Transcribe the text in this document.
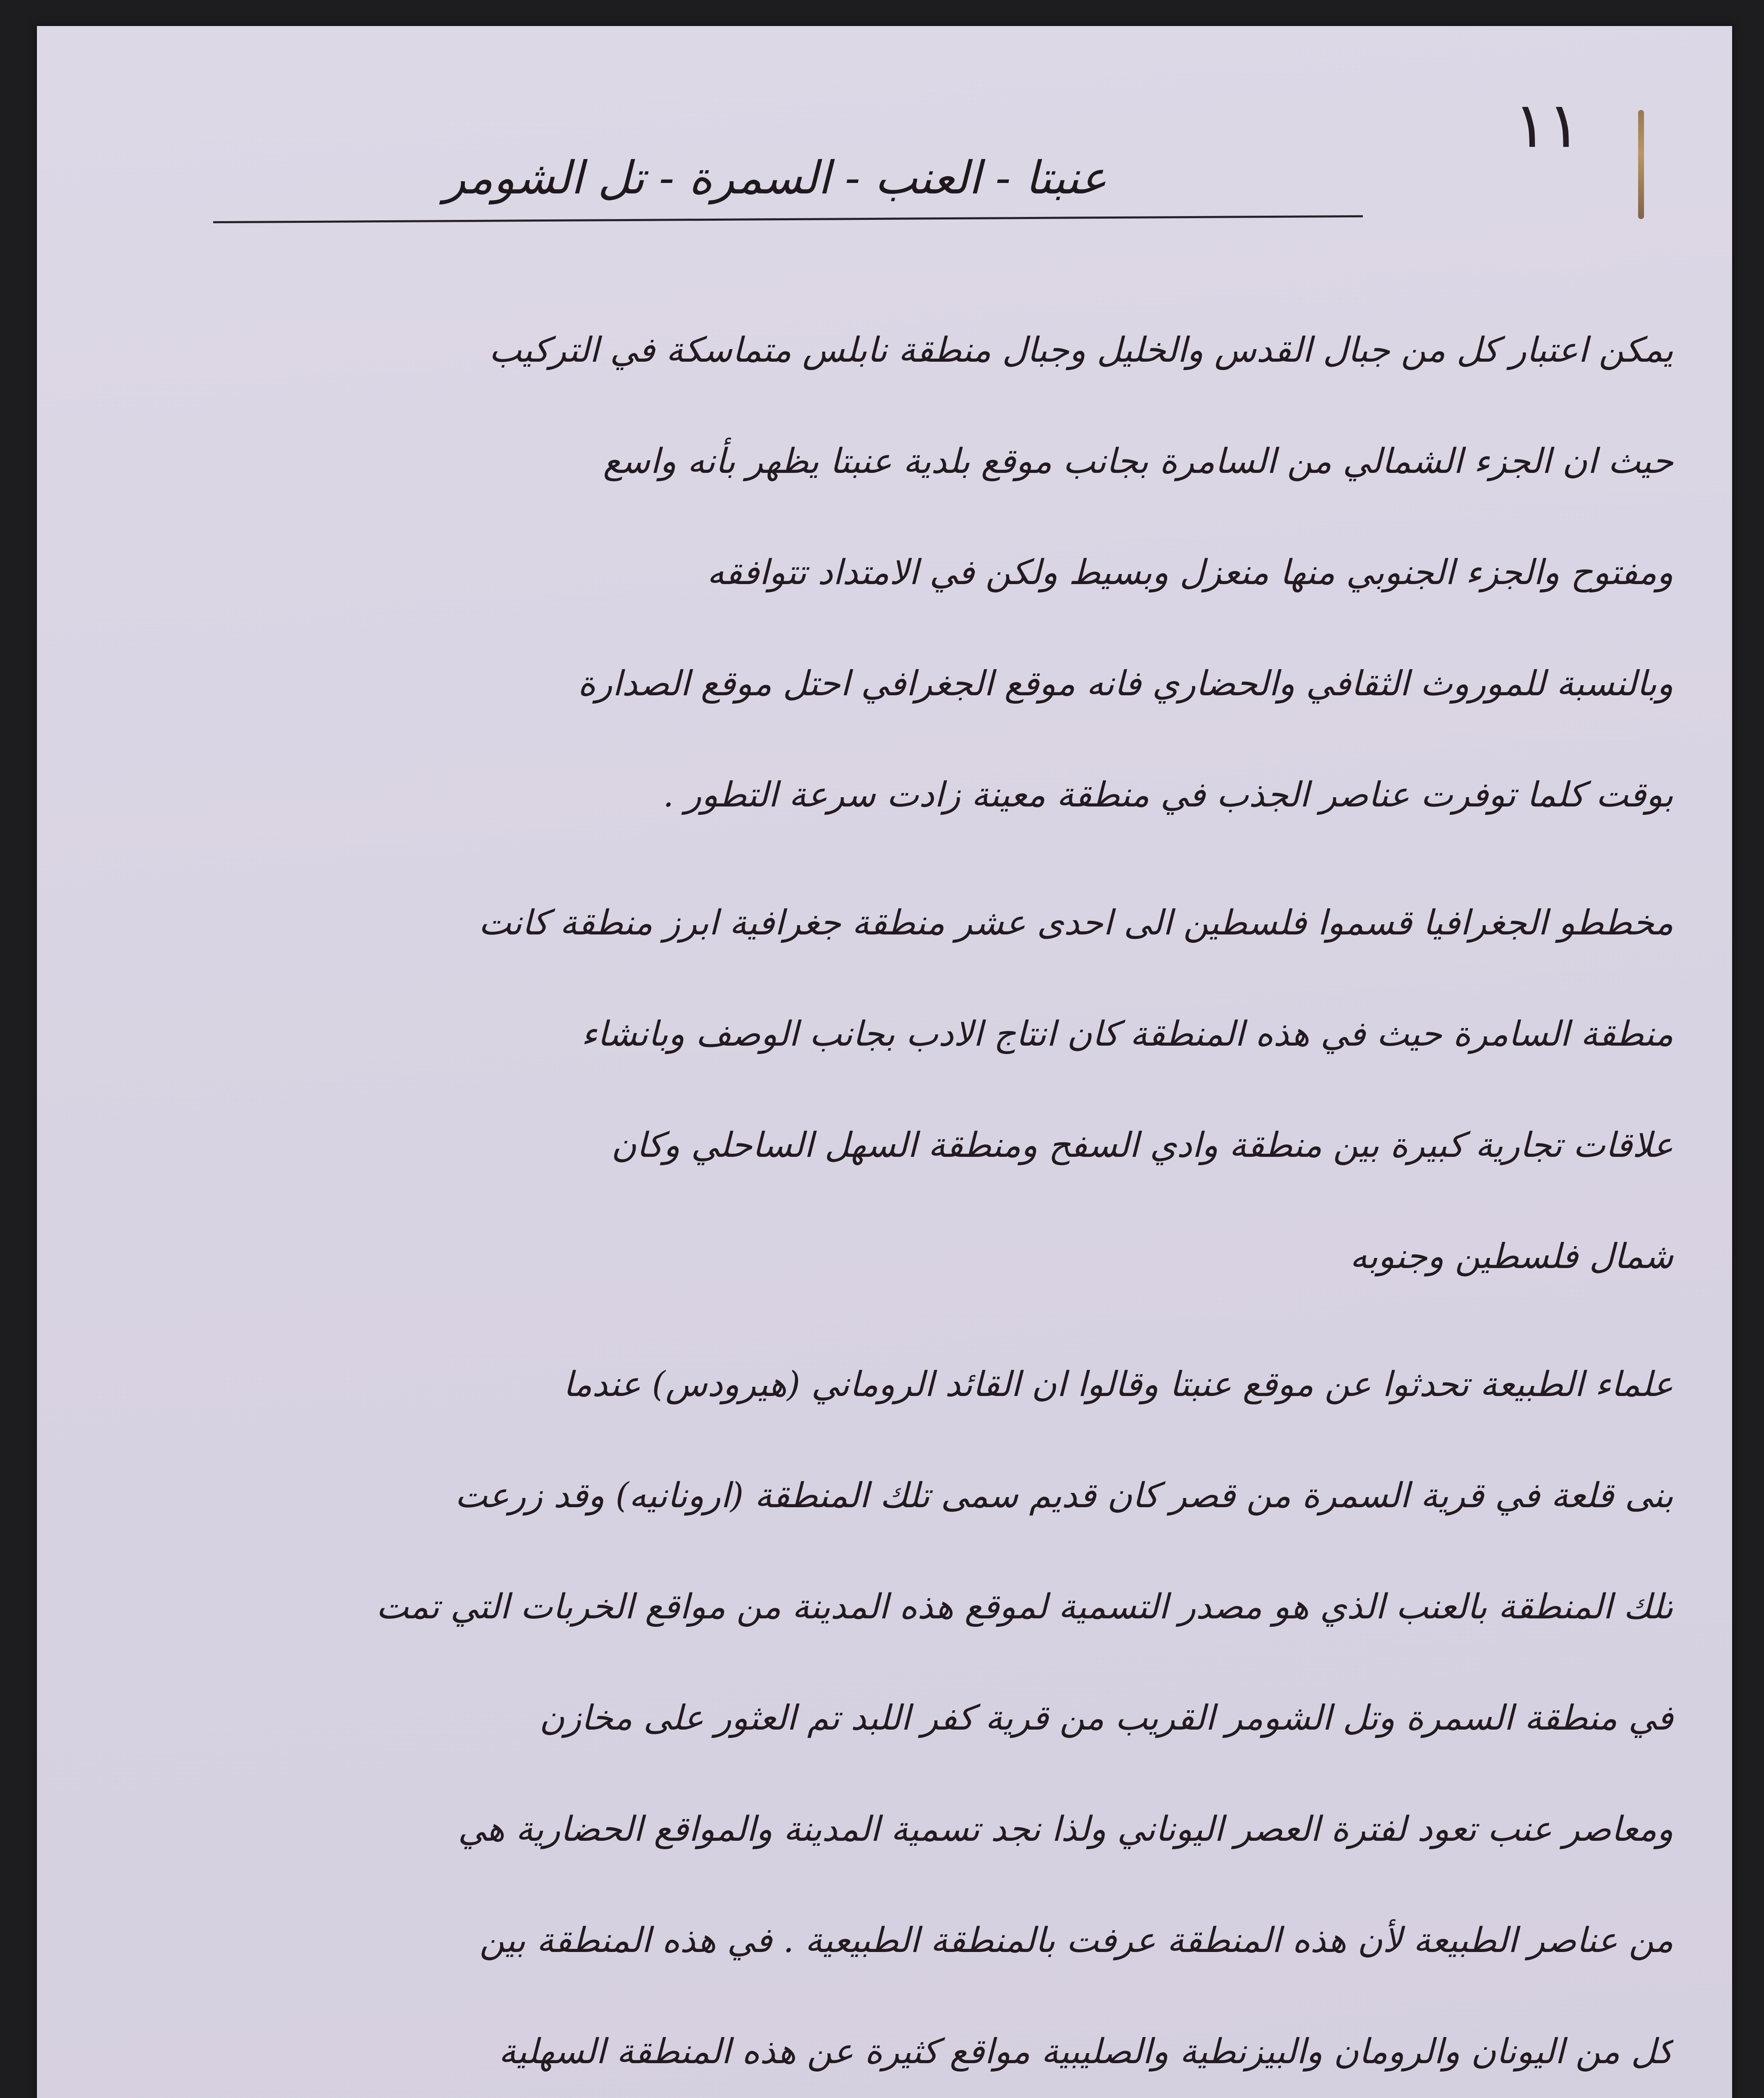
١١
عنبتا - العنب - السمرة - تل الشومر
يمكن اعتبار كل من جبال القدس والخليل وجبال منطقة نابلس متماسكة في التركيب
حيث ان الجزء الشمالي من السامرة بجانب موقع بلدية عنبتا يظهر بأنه واسع
ومفتوح والجزء الجنوبي منها منعزل وبسيط ولكن في الامتداد تتوافقه
وبالنسبة للموروث الثقافي والحضاري فانه موقع الجغرافي احتل موقع الصدارة
بوقت كلما توفرت عناصر الجذب في منطقة معينة زادت سرعة التطور .
مخططو الجغرافيا قسموا فلسطين الى احدى عشر منطقة جغرافية ابرز منطقة كانت
منطقة السامرة حيث في هذه المنطقة كان انتاج الادب بجانب الوصف وبانشاء
علاقات تجارية كبيرة بين منطقة وادي السفح ومنطقة السهل الساحلي وكان
شمال فلسطين وجنوبه
علماء الطبيعة تحدثوا عن موقع عنبتا وقالوا ان القائد الروماني (هيرودس) عندما
بنى قلعة في قرية السمرة من قصر كان قديم سمى تلك المنطقة (ارونانيه) وقد زرعت
تلك المنطقة بالعنب الذي هو مصدر التسمية لموقع هذه المدينة من مواقع الخربات التي تمت
في منطقة السمرة وتل الشومر القريب من قرية كفر اللبد تم العثور على مخازن
ومعاصر عنب تعود لفترة العصر اليوناني ولذا نجد تسمية المدينة والمواقع الحضارية هي
من عناصر الطبيعة لأن هذه المنطقة عرفت بالمنطقة الطبيعية . في هذه المنطقة بين
كل من اليونان والرومان والبيزنطية والصليبية مواقع كثيرة عن هذه المنطقة السهلية
